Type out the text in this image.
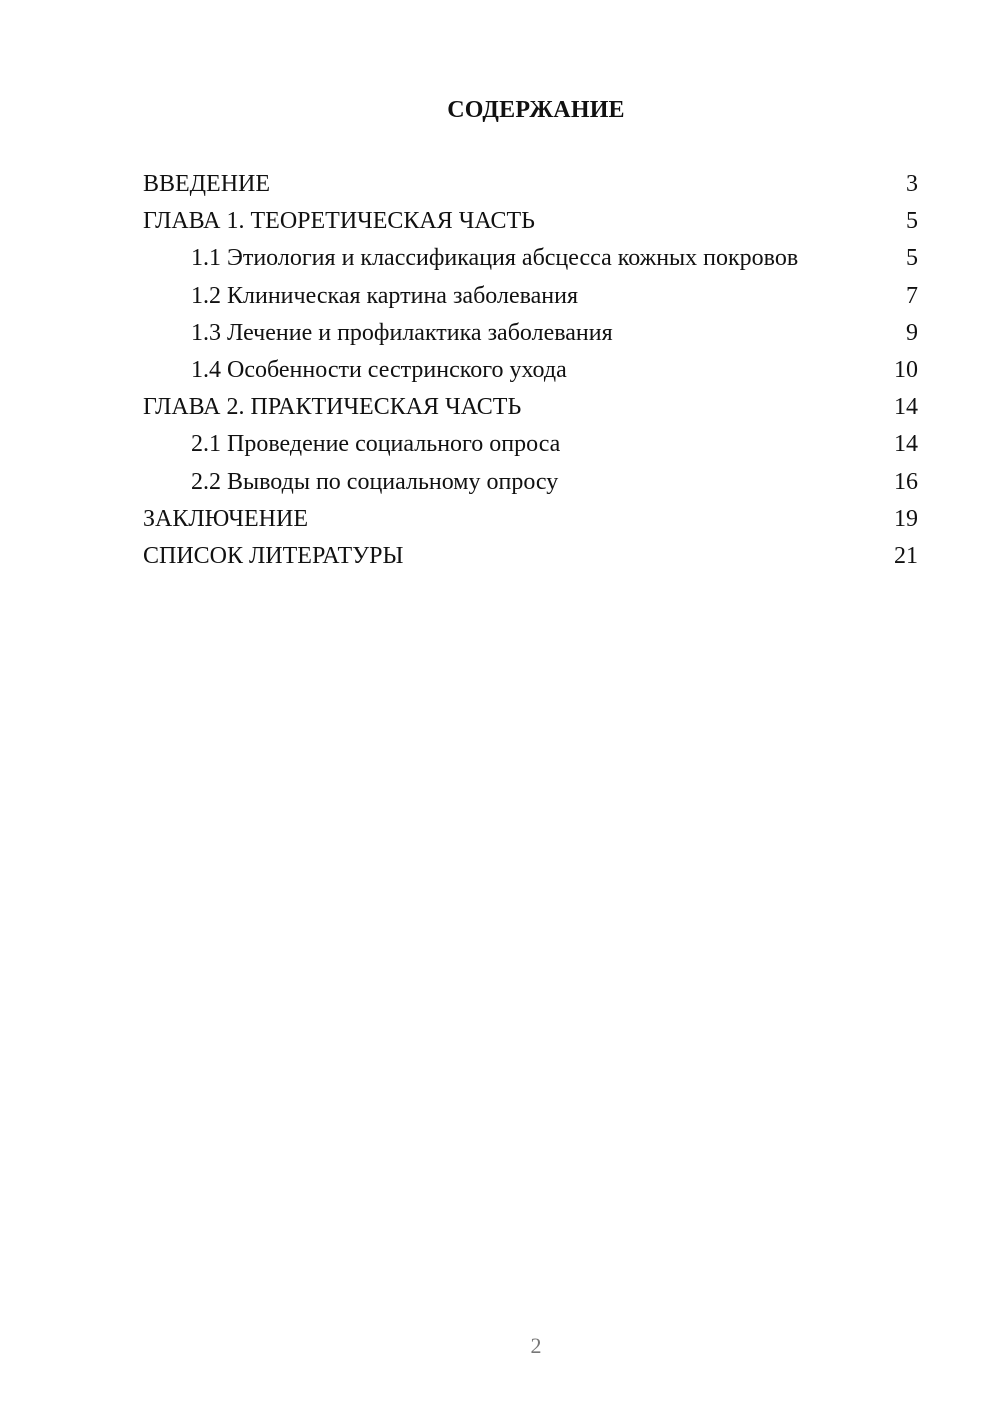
СОДЕРЖАНИЕ
ВВЕДЕНИЕ	3
ГЛАВА 1. ТЕОРЕТИЧЕСКАЯ ЧАСТЬ	5
1.1 Этиология и классификация абсцесса кожных покровов	5
1.2 Клиническая картина заболевания	7
1.3 Лечение и профилактика заболевания	9
1.4 Особенности сестринского ухода	10
ГЛАВА 2. ПРАКТИЧЕСКАЯ ЧАСТЬ	14
2.1 Проведение социального опроса	14
2.2 Выводы по социальному опросу	16
ЗАКЛЮЧЕНИЕ	19
СПИСОК ЛИТЕРАТУРЫ	21
2
